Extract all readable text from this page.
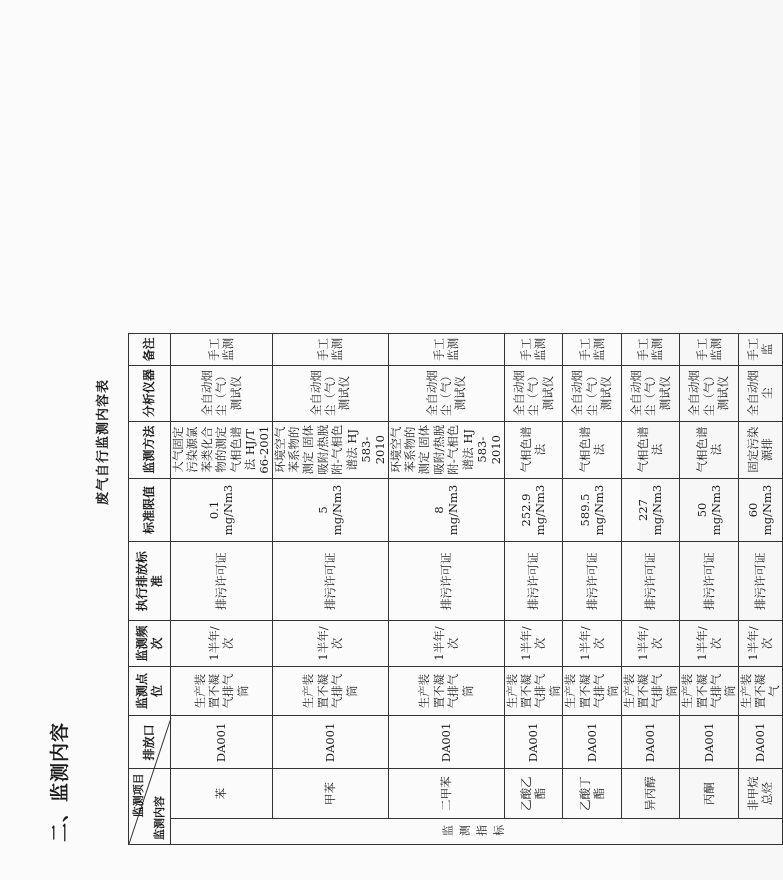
二、监测内容
废气自行监测内容表
监测项目
监测内容		排放口	监测点位	监测频次	执行排放标准	标准限值	监测方法	分析仪器	备注
监测指标	苯	DA001	生产装置不凝气排气筒	1半年/次	排污许可证	0.1 mg/Nm3	大气固定污染源氯苯类化合物的测定 气相色谱法 HJ/T 66-2001	全自动烟尘（气）测试仪	手工监测
	甲苯	DA001	生产装置不凝气排气筒	1半年/次	排污许可证	5 mg/Nm3	环境空气 苯系物的测定 固体吸附/热脱附-气相色谱法 HJ 583-2010	全自动烟尘（气）测试仪	手工监测
	二甲苯	DA001	生产装置不凝气排气筒	1半年/次	排污许可证	8 mg/Nm3	环境空气 苯系物的测定 固体吸附/热脱附-气相色谱法 HJ 583-2010	全自动烟尘（气）测试仪	手工监测
	乙酸乙酯	DA001	生产装置不凝气排气筒	1半年/次	排污许可证	252.9 mg/Nm3	气相色谱法	全自动烟尘（气）测试仪	手工监测
	乙酸丁酯	DA001	生产装置不凝气排气筒	1半年/次	排污许可证	589.5 mg/Nm3	气相色谱法	全自动烟尘（气）测试仪	手工监测
	异丙醇	DA001	生产装置不凝气排气筒	1半年/次	排污许可证	227 mg/Nm3	气相色谱法	全自动烟尘（气）测试仪	手工监测
	丙酮	DA001	生产装置不凝气排气筒	1半年/次	排污许可证	50 mg/Nm3	气相色谱法	全自动烟尘（气）测试仪	手工监测
	非甲烷总烃	DA001	生产装置不凝气	1半年/次	排污许可证	60 mg/Nm3	固定污染源排	全自动烟尘	手工监
